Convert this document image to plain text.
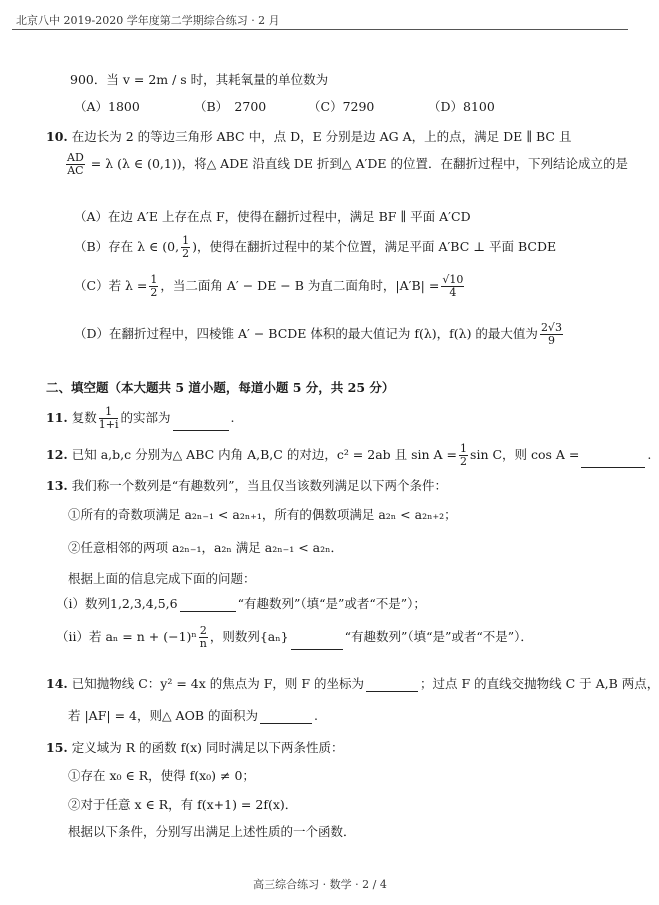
北京八中 2019-2020 学年度第二学期综合练习 · 2 月
900．当 v = 2m / s 时，其耗氧量的单位数为
（A）1800	（B）　2700	（C）7290	（D）8100
10. 在边长为 2 的等边三角形 ABC 中，点 D，E 分别是边 AG A，上的点，满足 DE ∥ BC 且
$\frac{AD}{AC} = \lambda$ (λ ∈ (0,1))，将△ ADE 沿直线 DE 折到△ A′DE 的位置．在翻折过程中，下列结论成立的是
（A）在边 A′E 上存在点 F，使得在翻折过程中，满足 BF ∥ 平面 A′CD
（B）存在 λ ∈ (0, $\frac{1}{2}$ )，使得在翻折过程中的某个位置，满足平面 A′BC ⊥ 平面 BCDE
（C）若 $\lambda = \frac{1}{2}$ ，当二面角 A′ − DE − B 为直二面角时，$|A'B| = \frac{√10}{4}$
（D）在翻折过程中，四棱锥 A′ − BCDE 体积的最大值记为 f(λ)，f(λ) 的最大值为 $\frac{2√3}{9}$
二、填空题（本大题共 5 道小题，每道小题 5 分，共 25 分）
11. 复数 $\frac{1}{1+i}$ 的实部为	.
12. 已知 a,b,c 分别为△ ABC 内角 A,B,C 的对边，c² = 2ab 且 $\sin A = \frac{1}{2}$ sin C，则 cos A =	.
13. 我们称一个数列是“有趣数列”，当且仅当该数列满足以下两个条件：
①所有的奇数项满足 a₂ₙ₋₁ < a₂ₙ₊₁，所有的偶数项满足 a₂ₙ < a₂ₙ₊₂；
②任意相邻的两项 a₂ₙ₋₁，a₂ₙ 满足 a₂ₙ₋₁ < a₂ₙ．
根据上面的信息完成下面的问题：
（i）数列1,2,3,4,5,6	“有趣数列”（填“是”或者“不是”）；
（ii）若 $a_n = n + (-1)^n \frac{2}{n}$ ，则数列{aₙ}	“有趣数列”（填“是”或者“不是”）．
14. 已知抛物线 C：y² = 4x 的焦点为 F，则 F 的坐标为	；过点 F 的直线交抛物线 C 于 A,B 两点，
若 |AF| = 4，则△ AOB 的面积为	.
15. 定义域为 R 的函数 f(x) 同时满足以下两条性质：
①存在 x₀ ∈ R，使得 f(x₀) ≠ 0；
②对于任意 x ∈ R，有 f(x+1) = 2f(x)．
根据以下条件，分别写出满足上述性质的一个函数．
高三综合练习 · 数学 · 2 / 4
